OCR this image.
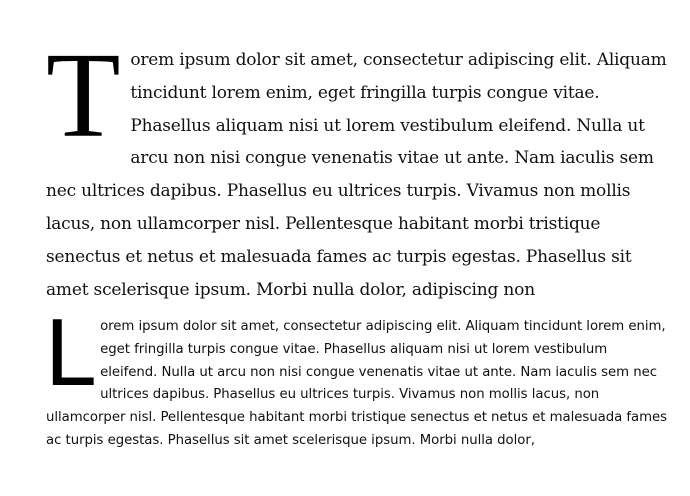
Torem ipsum dolor sit amet, consectetur adipiscing elit. Aliquam tincidunt lorem enim, eget fringilla turpis congue vitae. Phasellus aliquam nisi ut lorem vestibulum eleifend. Nulla ut arcu non nisi congue venenatis vitae ut ante. Nam iaculis sem nec ultrices dapibus. Phasellus eu ultrices turpis. Vivamus non mollis lacus, non ullamcorper nisl. Pellentesque habitant morbi tristique senectus et netus et malesuada fames ac turpis egestas. Phasellus sit amet scelerisque ipsum. Morbi nulla dolor, adipiscing non

Lorem ipsum dolor sit amet, consectetur adipiscing elit. Aliquam tincidunt lorem enim, eget fringilla turpis congue vitae. Phasellus aliquam nisi ut lorem vestibulum eleifend. Nulla ut arcu non nisi congue venenatis vitae ut ante. Nam iaculis sem nec ultrices dapibus. Phasellus eu ultrices turpis. Vivamus non mollis lacus, non ullamcorper nisl. Pellentesque habitant morbi tristique senectus et netus et malesuada fames ac turpis egestas. Phasellus sit amet scelerisque ipsum. Morbi nulla dolor,
